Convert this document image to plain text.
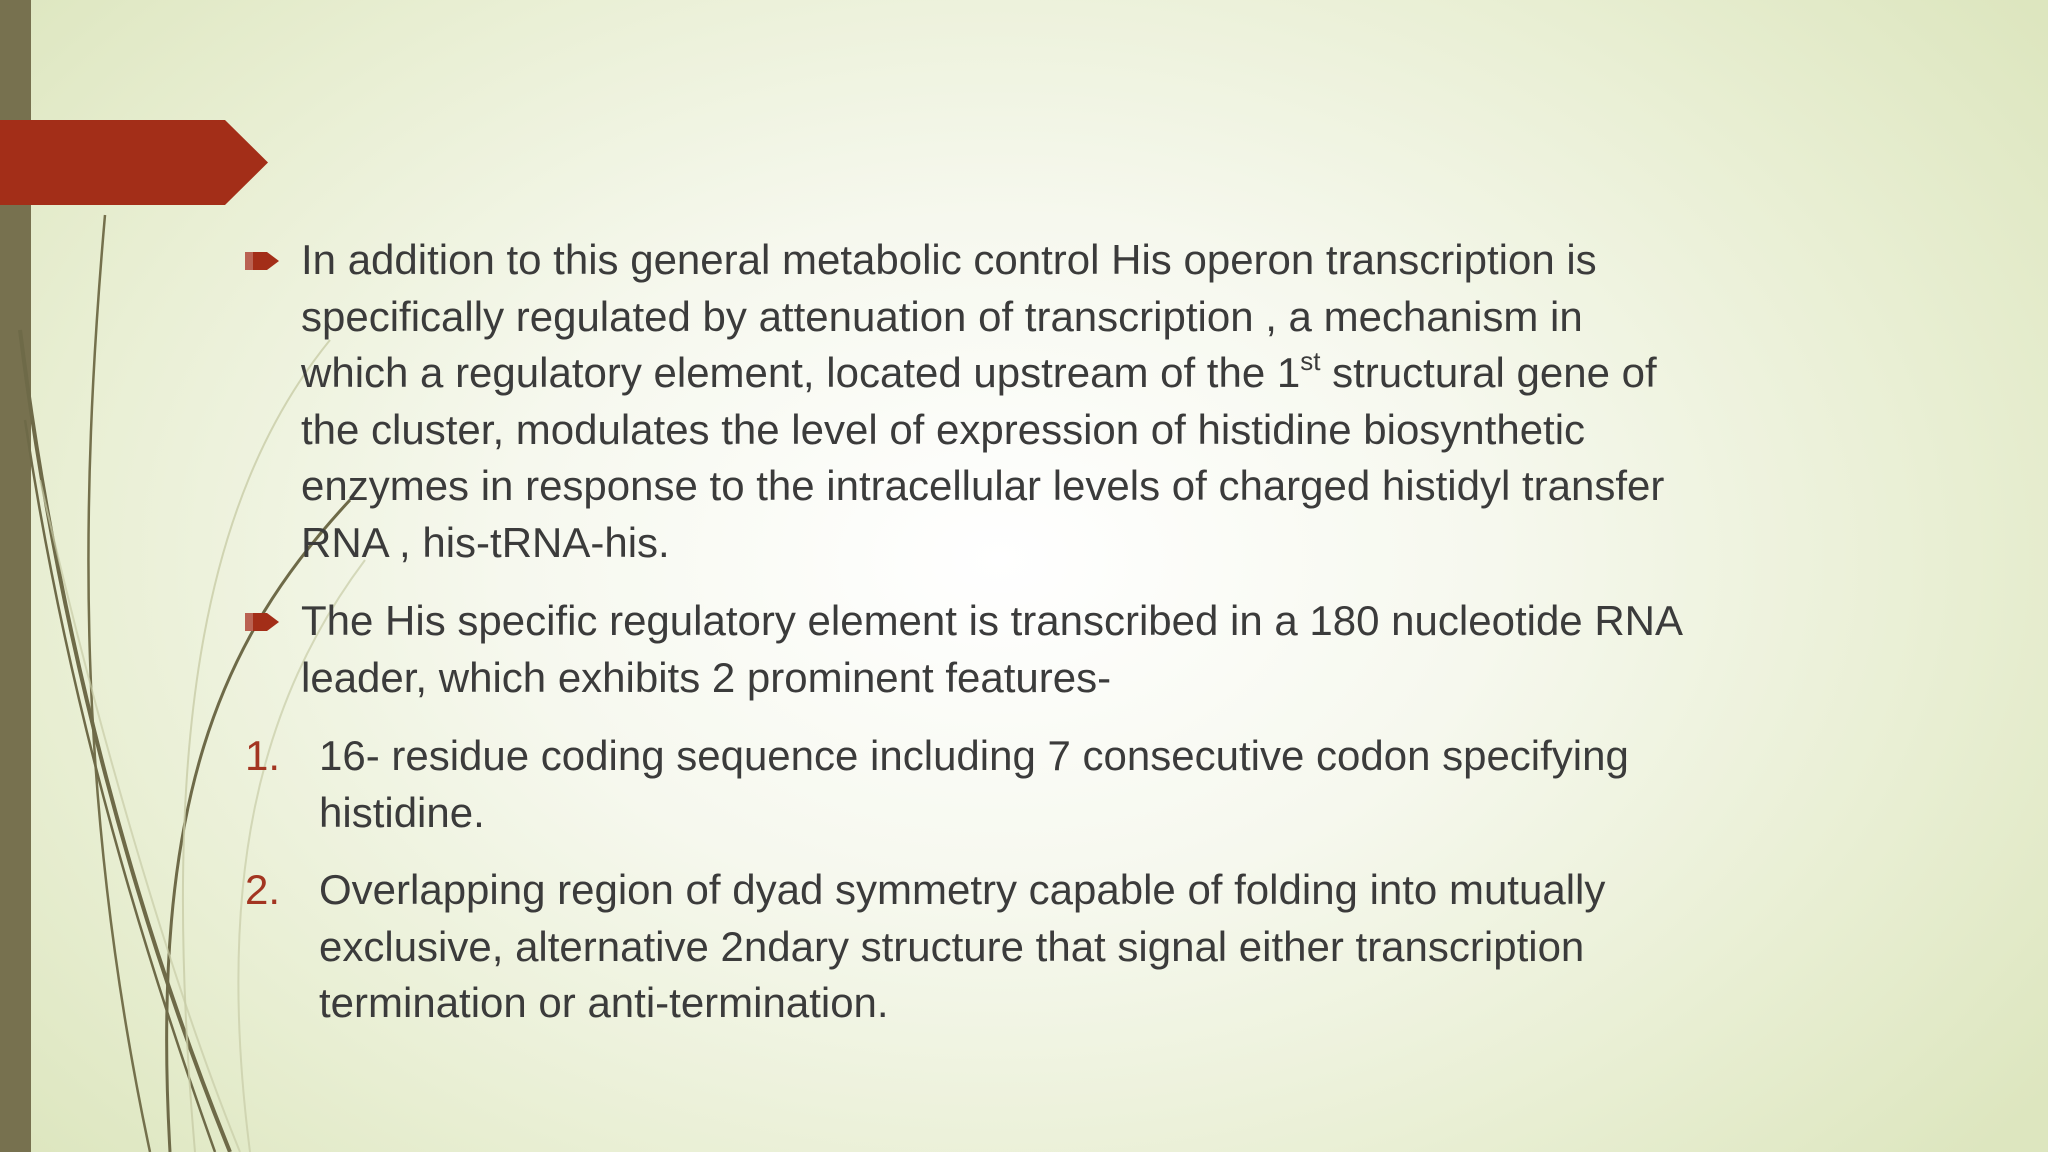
In addition to this general metabolic control His operon transcription is
specifically regulated by attenuation of transcription , a mechanism in
which a regulatory element, located upstream of the 1st structural gene of
the cluster, modulates the level of expression of histidine biosynthetic
enzymes in response to the intracellular levels of charged histidyl transfer
RNA , his-tRNA-his.
The His specific regulatory element is transcribed in a 180 nucleotide RNA
leader, which exhibits 2 prominent features-
1. 16- residue coding sequence including 7 consecutive codon specifying
histidine.
2. Overlapping region of dyad symmetry capable of folding into mutually
exclusive, alternative 2ndary structure that signal either transcription
termination or anti-termination.
